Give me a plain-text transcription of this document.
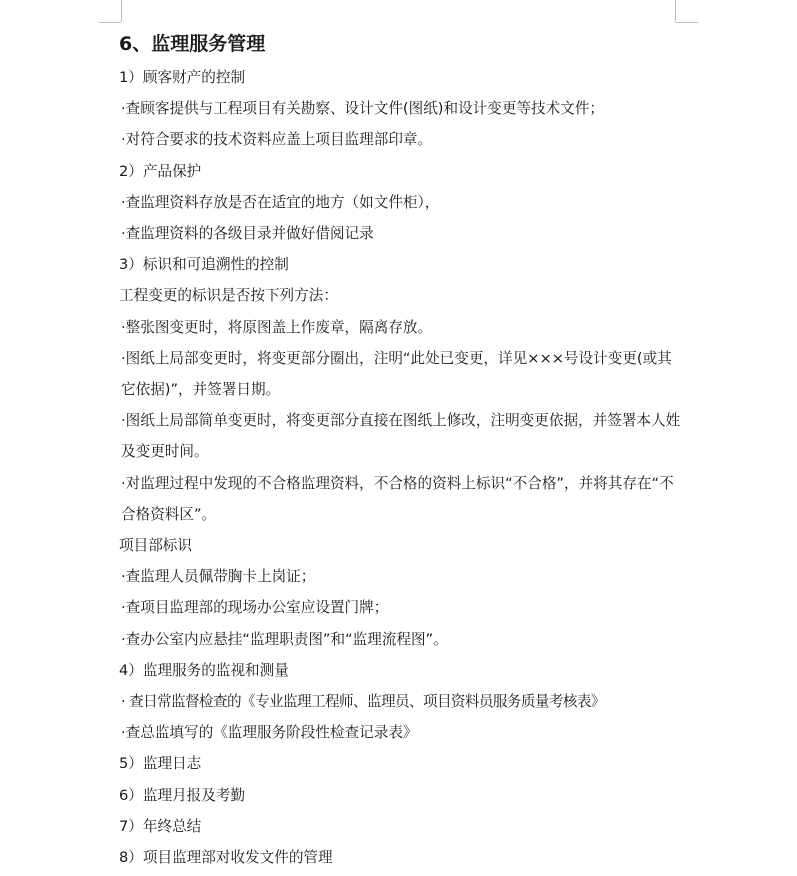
6、监理服务管理

1）顾客财产的控制

·查顾客提供与工程项目有关勘察、设计文件(图纸)和设计变更等技术文件；

·对符合要求的技术资料应盖上项目监理部印章。

2）产品保护

·查监理资料存放是否在适宜的地方（如文件柜），

·查监理资料的各级目录并做好借阅记录

3）标识和可追溯性的控制

工程变更的标识是否按下列方法：

·整张图变更时，将原图盖上作废章，隔离存放。

·图纸上局部变更时，将变更部分圈出，注明“此处已变更，详见×××号设计变更(或其它依据)”，并签署日期。

·图纸上局部简单变更时，将变更部分直接在图纸上修改，注明变更依据，并签署本人姓及变更时间。

·对监理过程中发现的不合格监理资料，不合格的资料上标识“不合格”，并将其存在“不合格资料区”。

项目部标识

·查监理人员佩带胸卡上岗证；

·查项目监理部的现场办公室应设置门牌；

·查办公室内应悬挂“监理职责图”和“监理流程图”。

4）监理服务的监视和测量

· 查日常监督检查的《专业监理工程师、监理员、项目资料员服务质量考核表》

·查总监填写的《监理服务阶段性检查记录表》

5）监理日志

6）监理月报及考勤

7）年终总结

8）项目监理部对收发文件的管理
